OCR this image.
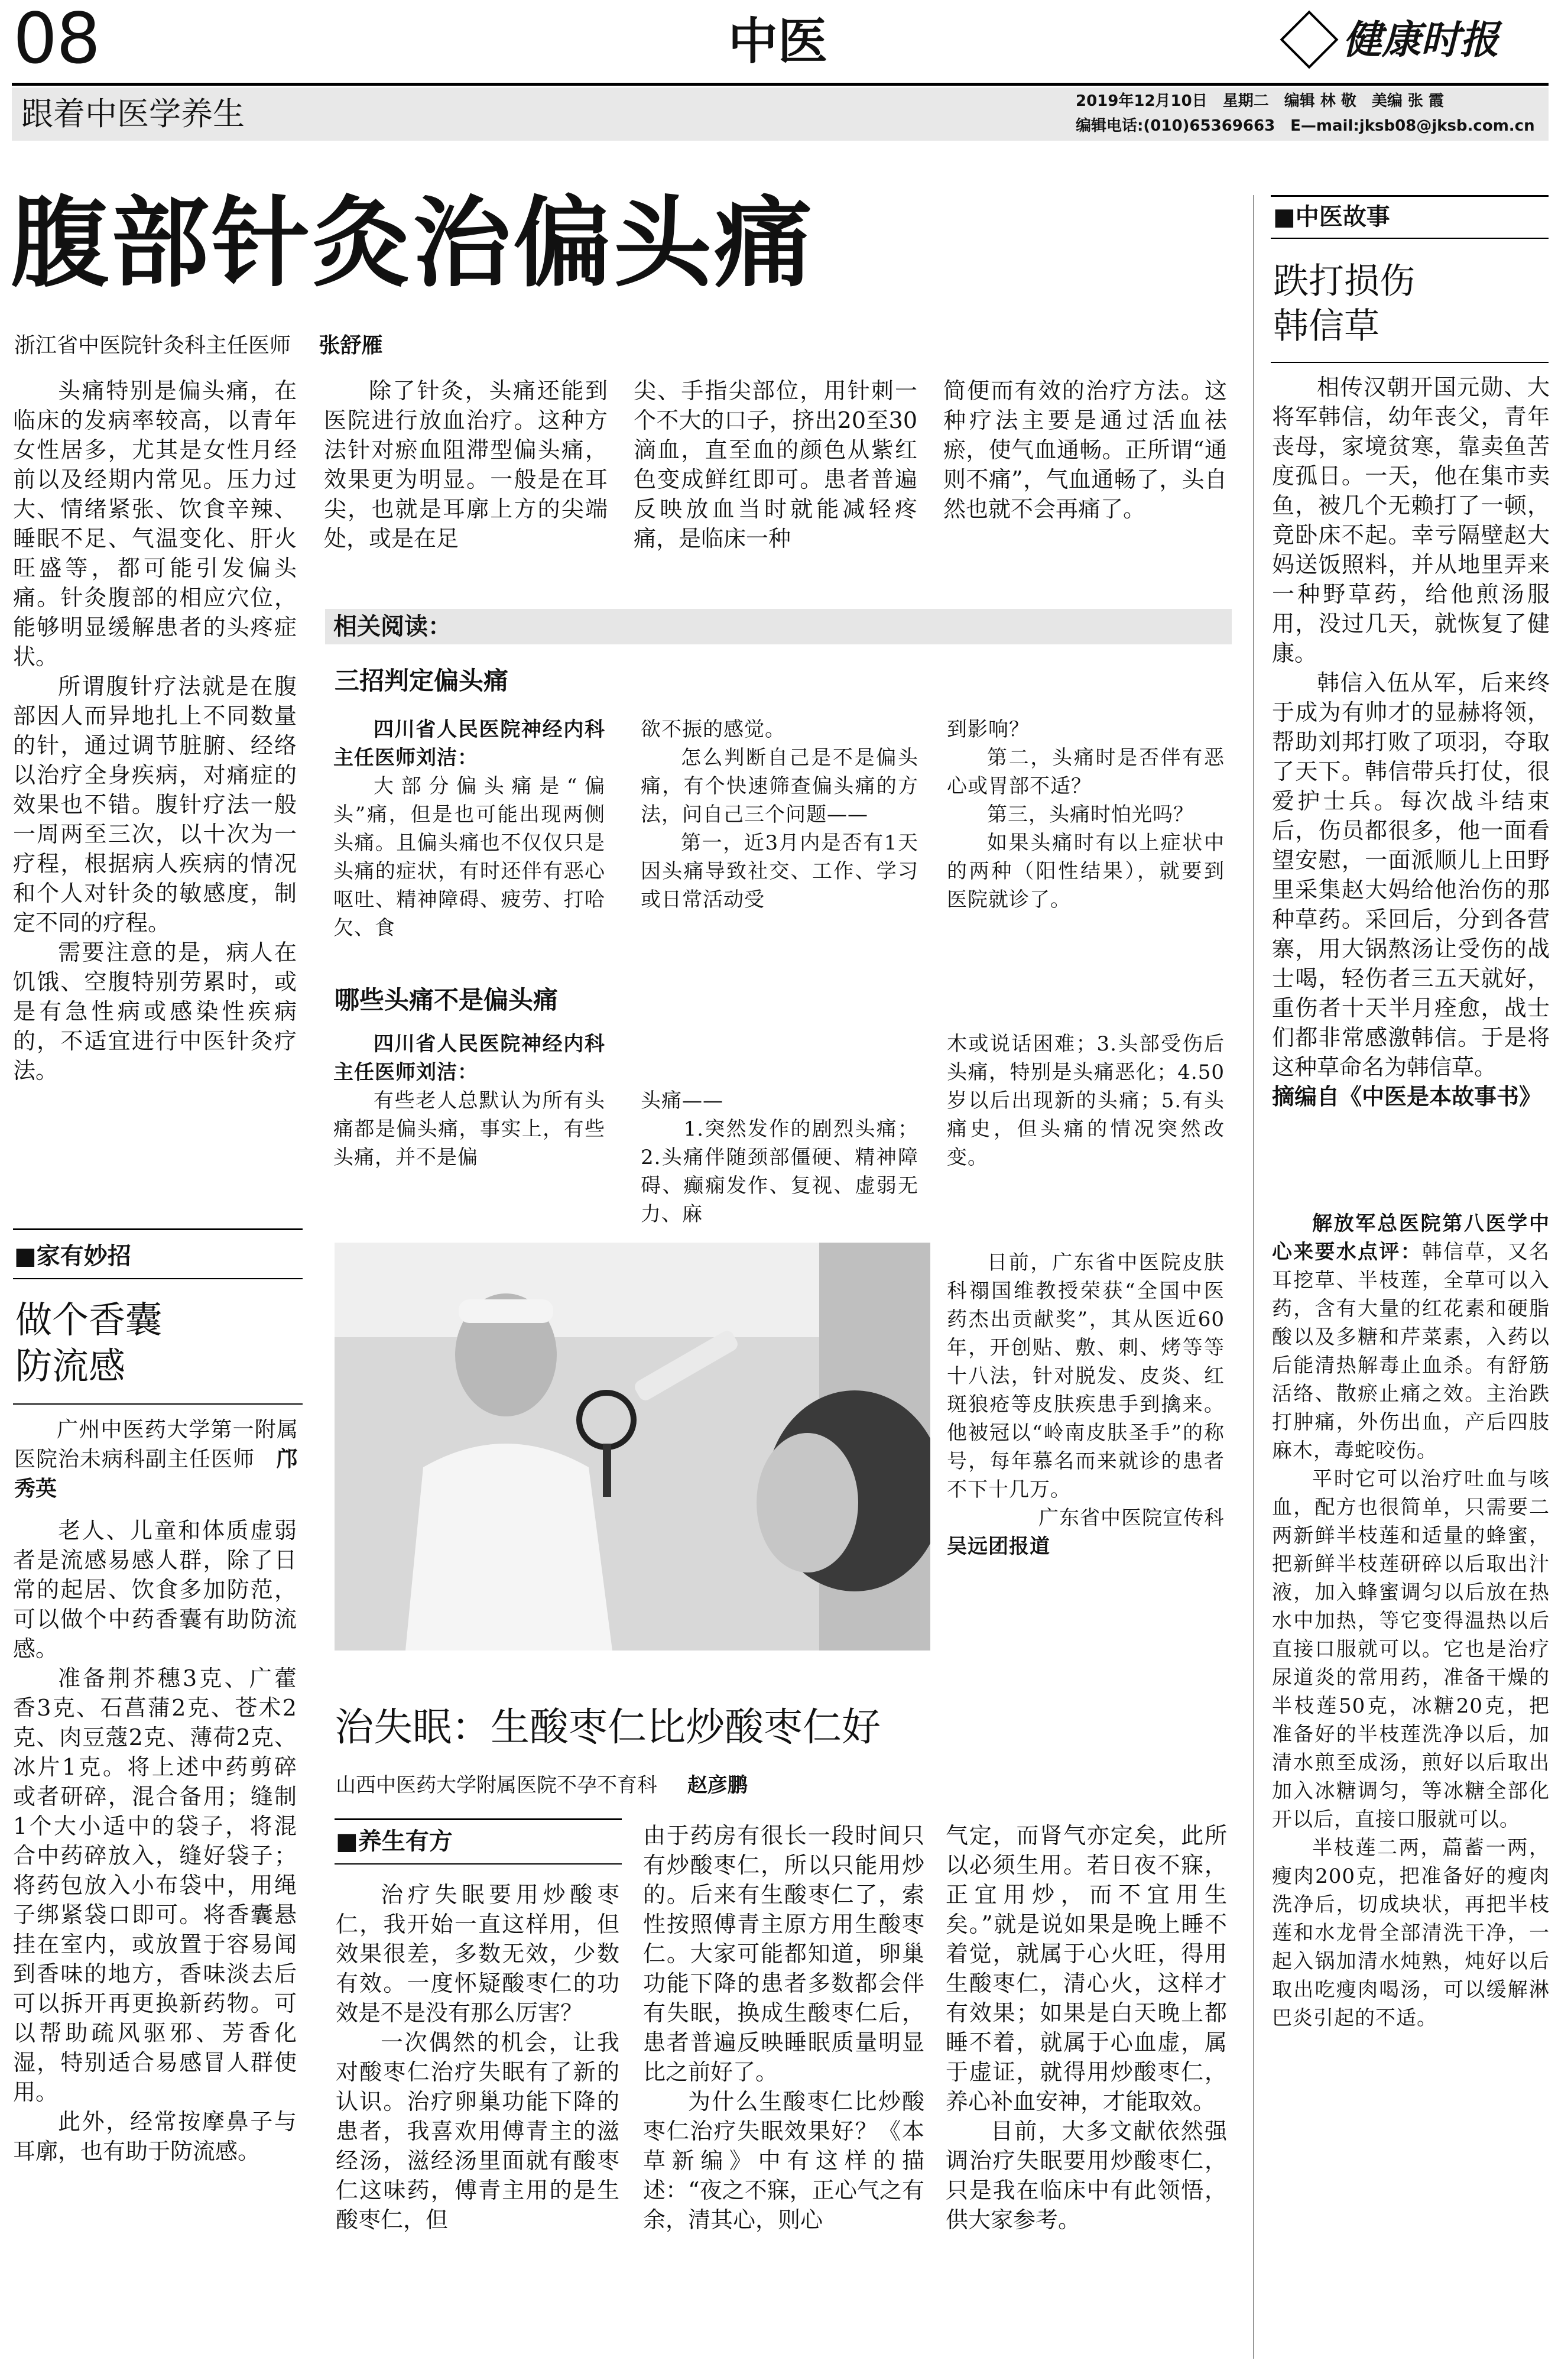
08	中医	健康时报
跟着中医学养生	2019年12月10日　星期二　编辑 林 敬　美编 张 霞
编辑电话:(010)65369663　E—mail:jksb08@jksb.com.cn
腹部针灸治偏头痛
浙江省中医院针灸科主任医师 张舒雁

头痛特别是偏头痛，在临床的发病率较高，以青年女性居多，尤其是女性月经前以及经期内常见。压力过大、情绪紧张、饮食辛辣、睡眠不足、气温变化、肝火旺盛等，都可能引发偏头痛。针灸腹部的相应穴位，能够明显缓解患者的头疼症状。

所谓腹针疗法就是在腹部因人而异地扎上不同数量的针，通过调节脏腑、经络以治疗全身疾病，对痛症的效果也不错。腹针疗法一般一周两至三次，以十次为一疗程，根据病人疾病的情况和个人对针灸的敏感度，制定不同的疗程。

需要注意的是，病人在饥饿、空腹特别劳累时，或是有急性病或感染性疾病的，不适宜进行中医针灸疗法。

除了针灸，头痛还能到医院进行放血治疗。这种方法针对瘀血阻滞型偏头痛，效果更为明显。一般是在耳尖，也就是耳廓上方的尖端处，或是在足

尖、手指尖部位，用针刺一个不大的口子，挤出20至30滴血，直至血的颜色从紫红色变成鲜红即可。患者普遍反映放血当时就能减轻疼痛，是临床一种

简便而有效的治疗方法。这种疗法主要是通过活血祛瘀，使气血通畅。正所谓“通则不痛”，气血通畅了，头自然也就不会再痛了。

相关阅读：
三招判定偏头痛

四川省人民医院神经内科主任医师刘洁：

大部分偏头痛是“偏头”痛，但是也可能出现两侧头痛。且偏头痛也不仅仅只是头痛的症状，有时还伴有恶心呕吐、精神障碍、疲劳、打哈欠、食

欲不振的感觉。

怎么判断自己是不是偏头痛，有个快速筛查偏头痛的方法，问自己三个问题——

第一，近3月内是否有1天因头痛导致社交、工作、学习或日常活动受

到影响？

第二，头痛时是否伴有恶心或胃部不适？

第三，头痛时怕光吗？

如果头痛时有以上症状中的两种（阳性结果），就要到医院就诊了。

哪些头痛不是偏头痛

四川省人民医院神经内科主任医师刘洁：

有些老人总默认为所有头痛都是偏头痛，事实上，有些头痛，并不是偏

头痛——
　　1.突然发作的剧烈头痛；2.头痛伴随颈部僵硬、精神障碍、癫痫发作、复视、虚弱无力、麻

木或说话困难；3.头部受伤后头痛，特别是头痛恶化；4.50岁以后出现新的头痛；5.有头痛史，但头痛的情况突然改变。

日前，广东省中医院皮肤科禤国维教授荣获“全国中医药杰出贡献奖”，其从医近60年，开创贴、敷、刺、烤等等十八法，针对脱发、皮炎、红斑狼疮等皮肤疾患手到擒来。他被冠以“岭南皮肤圣手”的称号，每年慕名而来就诊的患者不下十几万。

广东省中医院宣传科

吴远团报道

■家有妙招
做个香囊
防流感

广州中医药大学第一附属医院治未病科副主任医师　 邝秀英

老人、儿童和体质虚弱者是流感易感人群，除了日常的起居、饮食多加防范，可以做个中药香囊有助防流感。

准备荆芥穗3克、广藿香3克、石菖蒲2克、苍术2克、肉豆蔻2克、薄荷2克、冰片1克。将上述中药剪碎或者研碎，混合备用；缝制1个大小适中的袋子，将混合中药碎放入，缝好袋子；将药包放入小布袋中，用绳子绑紧袋口即可。将香囊悬挂在室内，或放置于容易闻到香味的地方，香味淡去后可以拆开再更换新药物。可以帮助疏风驱邪、芳香化湿，特别适合易感冒人群使用。

此外，经常按摩鼻子与耳廓，也有助于防流感。

治失眠：生酸枣仁比炒酸枣仁好
山西中医药大学附属医院不孕不育科 赵彦鹏
■养生有方

治疗失眠要用炒酸枣仁，我开始一直这样用，但效果很差，多数无效，少数有效。一度怀疑酸枣仁的功效是不是没有那么厉害？

一次偶然的机会，让我对酸枣仁治疗失眠有了新的认识。治疗卵巢功能下降的患者，我喜欢用傅青主的滋经汤，滋经汤里面就有酸枣仁这味药，傅青主用的是生酸枣仁，但

由于药房有很长一段时间只有炒酸枣仁，所以只能用炒的。后来有生酸枣仁了，索性按照傅青主原方用生酸枣仁。大家可能都知道，卵巢功能下降的患者多数都会伴有失眠，换成生酸枣仁后，患者普遍反映睡眠质量明显比之前好了。

为什么生酸枣仁比炒酸枣仁治疗失眠效果好？《本草新编》中有这样的描述：“夜之不寐，正心气之有余，清其心，则心

气定，而肾气亦定矣，此所以必须生用。若日夜不寐，正宜用炒，而不宜用生矣。”就是说如果是晚上睡不着觉，就属于心火旺，得用生酸枣仁，清心火，这样才有效果；如果是白天晚上都睡不着，就属于心血虚，属于虚证，就得用炒酸枣仁，养心补血安神，才能取效。

目前，大多文献依然强调治疗失眠要用炒酸枣仁，只是我在临床中有此领悟，供大家参考。

■中医故事
跌打损伤
韩信草

相传汉朝开国元勋、大将军韩信，幼年丧父，青年丧母，家境贫寒，靠卖鱼苦度孤日。一天，他在集市卖鱼，被几个无赖打了一顿，竟卧床不起。幸亏隔壁赵大妈送饭照料，并从地里弄来一种野草药，给他煎汤服用，没过几天，就恢复了健康。

韩信入伍从军，后来终于成为有帅才的显赫将领，帮助刘邦打败了项羽，夺取了天下。韩信带兵打仗，很爱护士兵。每次战斗结束后，伤员都很多，他一面看望安慰，一面派顺儿上田野里采集赵大妈给他治伤的那种草药。采回后，分到各营寨，用大锅熬汤让受伤的战士喝，轻伤者三五天就好，重伤者十天半月痊愈，战士们都非常感激韩信。于是将这种草命名为韩信草。

摘编自《中医是本故事书》

解放军总医院第八医学中心来要水点评：韩信草，又名耳挖草、半枝莲，全草可以入药，含有大量的红花素和硬脂酸以及多糖和芹菜素，入药以后能清热解毒止血杀。有舒筋活络、散瘀止痛之效。主治跌打肿痛，外伤出血，产后四肢麻木，毒蛇咬伤。

平时它可以治疗吐血与咳血，配方也很简单，只需要二两新鲜半枝莲和适量的蜂蜜，把新鲜半枝莲研碎以后取出汁液，加入蜂蜜调匀以后放在热水中加热，等它变得温热以后直接口服就可以。它也是治疗尿道炎的常用药，准备干燥的半枝莲50克，冰糖20克，把准备好的半枝莲洗净以后，加清水煎至成汤，煎好以后取出加入冰糖调匀，等冰糖全部化开以后，直接口服就可以。

半枝莲二两，萹蓄一两，瘦肉200克，把准备好的瘦肉洗净后，切成块状，再把半枝莲和水龙骨全部清洗干净，一起入锅加清水炖熟，炖好以后取出吃瘦肉喝汤，可以缓解淋巴炎引起的不适。
